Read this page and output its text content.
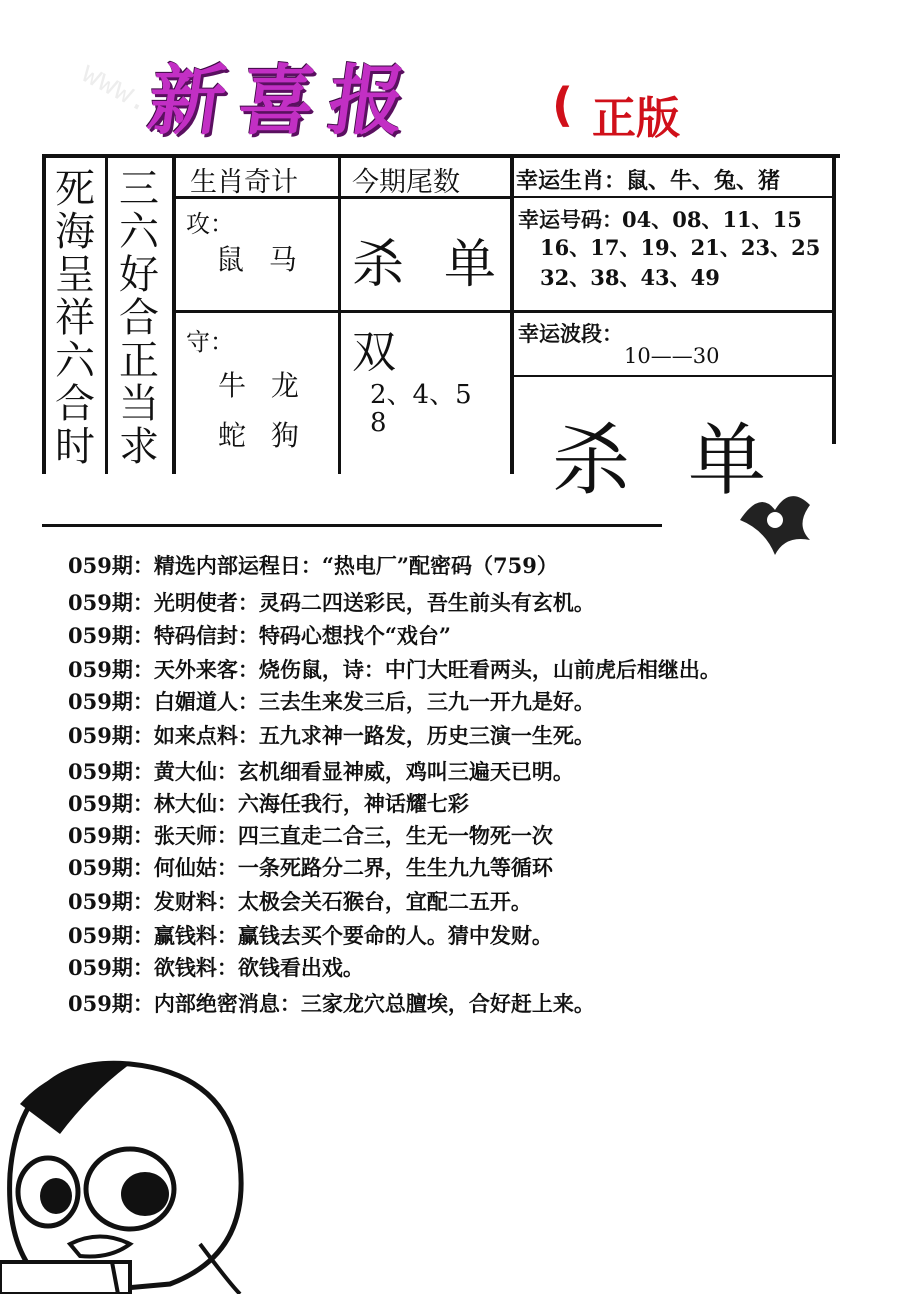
新喜报	( 正版
死海呈祥六合时
三六好合正当求
生肖奇计 今期尾数	幸运生肖：鼠、牛、兔、猪
攻：
鼠 马 杀单
幸运号码： 04、08、11、15
16、17、19、21、23、25
32、38、43、49
守：
牛 龙
蛇 狗
双
2、4、5
8
幸运波段：
10——30
杀单
059期：精选内部运程日：“热电厂”配密码（759）
059期：光明使者：灵码二四送彩民，吾生前头有玄机。
059期：特码信封：特码心想找个“戏台”
059期：天外来客：烧伤鼠，诗：中门大旺看两头，山前虎后相继出。
059期：白媚道人：三去生来发三后，三九一开九是好。
059期：如来点料：五九求神一路发，历史三演一生死。
059期：黄大仙：玄机细看显神威，鸡叫三遍天已明。
059期：林大仙：六海任我行，神话耀七彩
059期：张天师：四三直走二合三，生无一物死一次
059期：何仙姑：一条死路分二界，生生九九等循环
059期：发财料：太极会关石猴台，宜配二五开。
059期：赢钱料：赢钱去买个要命的人。猜中发财。
059期：欲钱料：欲钱看出戏。
059期：内部绝密消息：三家龙穴总膻埃，合好赶上来。
www.
